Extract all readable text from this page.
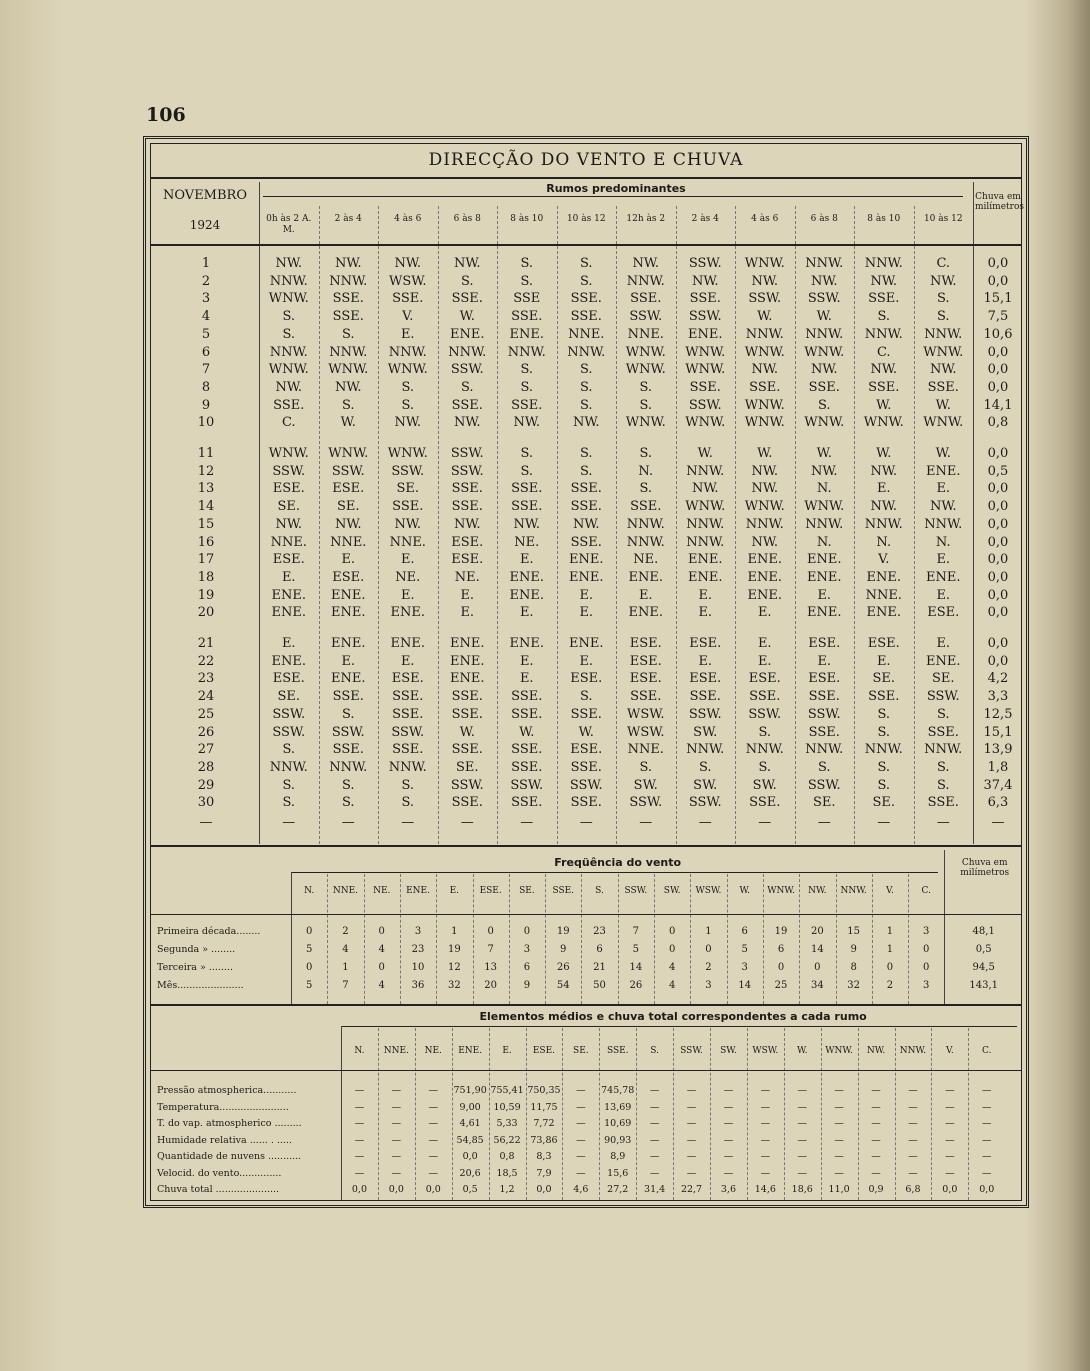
106
DIRECÇÃO DO VENTO E CHUVA
NOVEMBRO
1924
Rumos predominantes
Chuva em milímetros
0h às 2 A. M.
2 às 4	4 às 6	6 às 8	8 às 10	10 às 12	12h às 2	2 às 4	4 às 6	6 às 8	8 às 10	10 às 12
1	NW.	NW.	NW.	NW.	S.	S.	NW.	SSW.	WNW.	NNW.	NNW.	C.	0,0
2	NNW.	NNW.	WSW.	S.	S.	S.	NNW.	NW.	NW.	NW.	NW.	NW.	0,0
3	WNW.	SSE.	SSE.	SSE.	SSE	SSE.	SSE.	SSE.	SSW.	SSW.	SSE.	S.	15,1
4	S.	SSE.	V.	W.	SSE.	SSE.	SSW.	SSW.	W.	W.	S.	S.	7,5
5	S.	S.	E.	ENE.	ENE.	NNE.	NNE.	ENE.	NNW.	NNW.	NNW.	NNW.	10,6
6	NNW.	NNW.	NNW.	NNW.	NNW.	NNW.	WNW.	WNW.	WNW.	WNW.	C.	WNW.	0,0
7	WNW.	WNW.	WNW.	SSW.	S.	S.	WNW.	WNW.	NW.	NW.	NW.	NW.	0,0
8	NW.	NW.	S.	S.	S.	S.	S.	SSE.	SSE.	SSE.	SSE.	SSE.	0,0
9	SSE.	S.	S.	SSE.	SSE.	S.	S.	SSW.	WNW.	S.	W.	W.	14,1
10	C.	W.	NW.	NW.	NW.	NW.	WNW.	WNW.	WNW.	WNW.	WNW.	WNW.	0,8
11	WNW.	WNW.	WNW.	SSW.	S.	S.	S.	W.	W.	W.	W.	W.	0,0
12	SSW.	SSW.	SSW.	SSW.	S.	S.	N.	NNW.	NW.	NW.	NW.	ENE.	0,5
13	ESE.	ESE.	SE.	SSE.	SSE.	SSE.	S.	NW.	NW.	N.	E.	E.	0,0
14	SE.	SE.	SSE.	SSE.	SSE.	SSE.	SSE.	WNW.	WNW.	WNW.	NW.	NW.	0,0
15	NW.	NW.	NW.	NW.	NW.	NW.	NNW.	NNW.	NNW.	NNW.	NNW.	NNW.	0,0
16	NNE.	NNE.	NNE.	ESE.	NE.	SSE.	NNW.	NNW.	NW.	N.	N.	N.	0,0
17	ESE.	E.	E.	ESE.	E.	ENE.	NE.	ENE.	ENE.	ENE.	V.	E.	0,0
18	E.	ESE.	NE.	NE.	ENE.	ENE.	ENE.	ENE.	ENE.	ENE.	ENE.	ENE.	0,0
19	ENE.	ENE.	E.	E.	ENE.	E.	E.	E.	ENE.	E.	NNE.	E.	0,0
20	ENE.	ENE.	ENE.	E.	E.	E.	ENE.	E.	E.	ENE.	ENE.	ESE.	0,0
21	E.	ENE.	ENE.	ENE.	ENE.	ENE.	ESE.	ESE.	E.	ESE.	ESE.	E.	0,0
22	ENE.	E.	E.	ENE.	E.	E.	ESE.	E.	E.	E.	E.	ENE.	0,0
23	ESE.	ENE.	ESE.	ENE.	E.	ESE.	ESE.	ESE.	ESE.	ESE.	SE.	SE.	4,2
24	SE.	SSE.	SSE.	SSE.	SSE.	S.	SSE.	SSE.	SSE.	SSE.	SSE.	SSW.	3,3
25	SSW.	S.	SSE.	SSE.	SSE.	SSE.	WSW.	SSW.	SSW.	SSW.	S.	S.	12,5
26	SSW.	SSW.	SSW.	W.	W.	W.	WSW.	SW.	S.	SSE.	S.	SSE.	15,1
27	S.	SSE.	SSE.	SSE.	SSE.	ESE.	NNE.	NNW.	NNW.	NNW.	NNW.	NNW.	13,9
28	NNW.	NNW.	NNW.	SE.	SSE.	SSE.	S.	S.	S.	S.	S.	S.	1,8
29	S.	S.	S.	SSW.	SSW.	SSW.	SW.	SW.	SW.	SSW.	S.	S.	37,4
30	S.	S.	S.	SSE.	SSE.	SSE.	SSW.	SSW.	SSE.	SE.	SE.	SSE.	6,3
—	—	—	—	—	—	—	—	—	—	—	—	—	—
Freqüência do vento	Chuva em milímetros
N.	NNE.	NE.	ENE.	E.	ESE.	SE.	SSE.	S.	SSW.	SW.	WSW.	W.	WNW.	NW.	NNW.	V.	C.
Primeira década........	0	2	0	3	1	0	0	19	23	7	0	1	6	19	20	15	1	3	48,1
Segunda » ........	5	4	4	23	19	7	3	9	6	5	0	0	5	6	14	9	1	0	0,5
Terceira » ........	0	1	0	10	12	13	6	26	21	14	4	2	3	0	0	8	0	0	94,5
Mês......................	5	7	4	36	32	20	9	54	50	26	4	3	14	25	34	32	2	3	143,1
Elementos médios e chuva total correspondentes a cada rumo
N.	NNE.	NE.	ENE.	E.	ESE.	SE.	SSE.	S.	SSW.	SW.	WSW.	W.	WNW.	NW.	NNW.	V.	C.
Pressão atmospherica...........	—	—	—	751,90 755,41 750,35	—	745,78	—	—	—	—	—	—	—	—	—	—
Temperatura.......................	—	—	—	9,00	10,59	11,75	—	13,69	—	—	—	—	—	—	—	—	—	—
T. do vap. atmospherico .........	—	—	—	4,61	5,33	7,72	—	10,69	—	—	—	—	—	—	—	—	—	—
Humidade relativa ...... . .....	—	—	—	54,85	56,22	73,86	—	90,93	—	—	—	—	—	—	—	—	—	—
Quantidade de nuvens ...........	—	—	—	0,0	0,8	8,3	—	8,9	—	—	—	—	—	—	—	—	—	—
Velocid. do vento..............	—	—	—	20,6	18,5	7,9	—	15,6	—	—	—	—	—	—	—	—	—	—
Chuva total .....................	0,0	0,0	0,0	0,5	1,2	0,0	4,6	27,2	31,4	22,7	3,6	14,6	18,6	11,0	0,9	6,8	0,0	0,0
